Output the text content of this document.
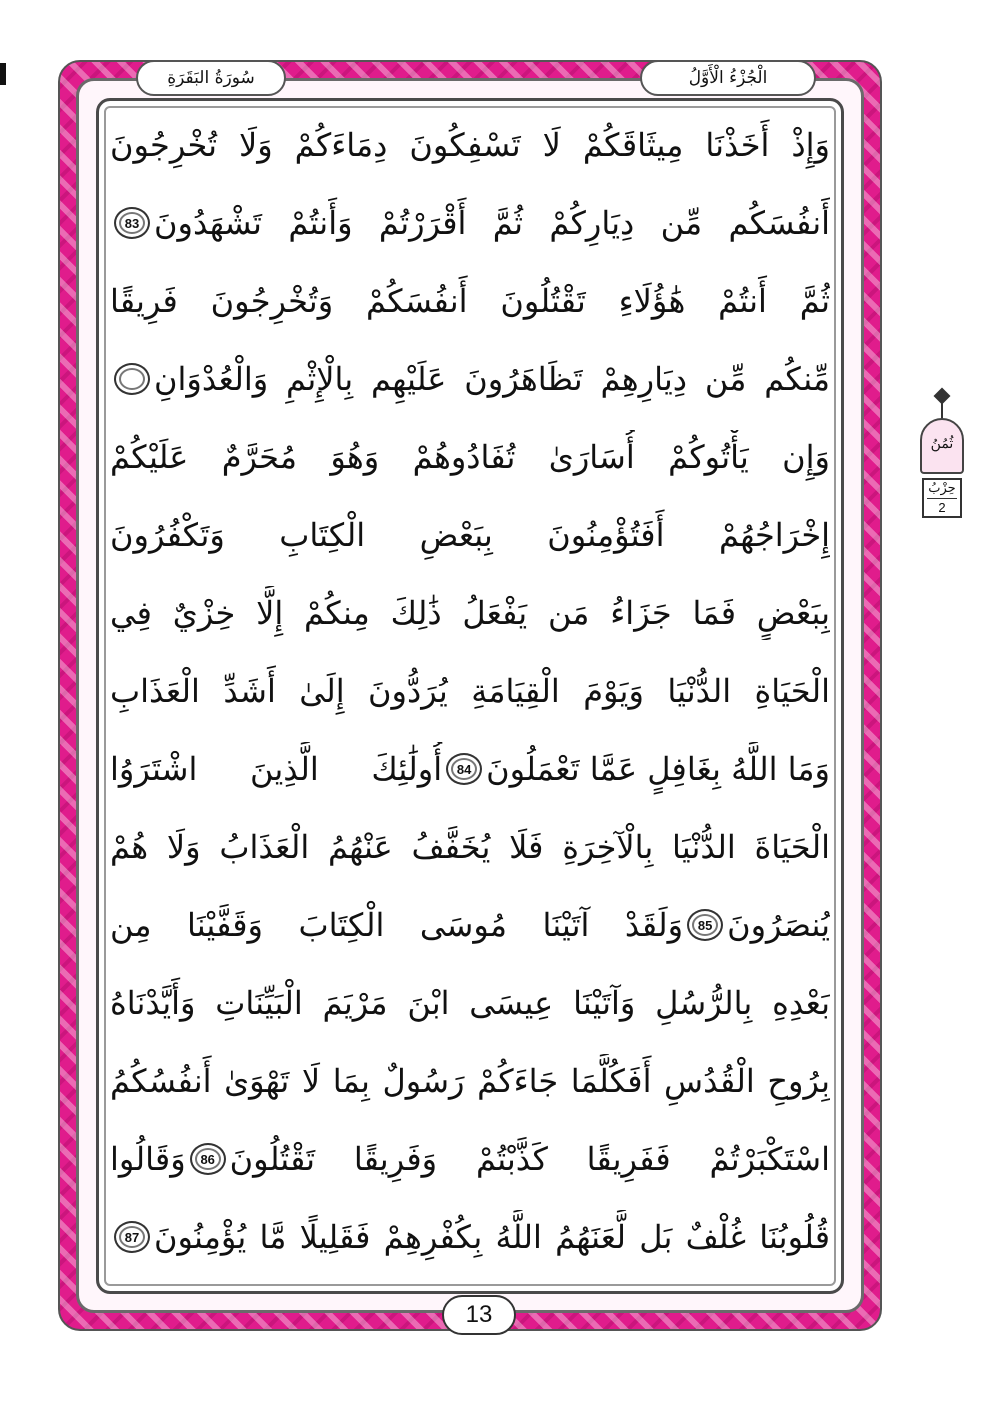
الْجُزْءُ الْأَوَّلُ
سُورَةُ البَقَرَةِ
وَإِذْ أَخَذْنَا مِيثَاقَكُمْ لَا تَسْفِكُونَ دِمَاءَكُمْ وَلَا تُخْرِجُونَ
أَنفُسَكُم مِّن دِيَارِكُمْ ثُمَّ أَقْرَرْتُمْ وَأَنتُمْ تَشْهَدُونَ
83
ثُمَّ أَنتُمْ هَٰؤُلَاءِ تَقْتُلُونَ أَنفُسَكُمْ وَتُخْرِجُونَ فَرِيقًا
مِّنكُم مِّن دِيَارِهِمْ تَظَاهَرُونَ عَلَيْهِم بِالْإِثْمِ وَالْعُدْوَانِ
وَإِن يَأْتُوكُمْ أُسَارَىٰ تُفَادُوهُمْ وَهُوَ مُحَرَّمٌ عَلَيْكُمْ
إِخْرَاجُهُمْ أَفَتُؤْمِنُونَ بِبَعْضِ الْكِتَابِ وَتَكْفُرُونَ
بِبَعْضٍ فَمَا جَزَاءُ مَن يَفْعَلُ ذَٰلِكَ مِنكُمْ إِلَّا خِزْيٌ فِي
الْحَيَاةِ الدُّنْيَا وَيَوْمَ الْقِيَامَةِ يُرَدُّونَ إِلَىٰ أَشَدِّ الْعَذَابِ
وَمَا اللَّهُ بِغَافِلٍ عَمَّا تَعْمَلُونَ
84
أُولَٰئِكَ الَّذِينَ اشْتَرَوُا
الْحَيَاةَ الدُّنْيَا بِالْآخِرَةِ فَلَا يُخَفَّفُ عَنْهُمُ الْعَذَابُ وَلَا هُمْ
يُنصَرُونَ
85
وَلَقَدْ آتَيْنَا مُوسَى الْكِتَابَ وَقَفَّيْنَا مِن
بَعْدِهِ بِالرُّسُلِ وَآتَيْنَا عِيسَى ابْنَ مَرْيَمَ الْبَيِّنَاتِ وَأَيَّدْنَاهُ
بِرُوحِ الْقُدُسِ أَفَكُلَّمَا جَاءَكُمْ رَسُولٌ بِمَا لَا تَهْوَىٰ أَنفُسُكُمُ
اسْتَكْبَرْتُمْ فَفَرِيقًا كَذَّبْتُمْ وَفَرِيقًا تَقْتُلُونَ
86
وَقَالُوا
قُلُوبُنَا غُلْفٌ بَل لَّعَنَهُمُ اللَّهُ بِكُفْرِهِمْ فَقَلِيلًا مَّا يُؤْمِنُونَ
87
ثُمُنُ
حِزْبُ
2
13
